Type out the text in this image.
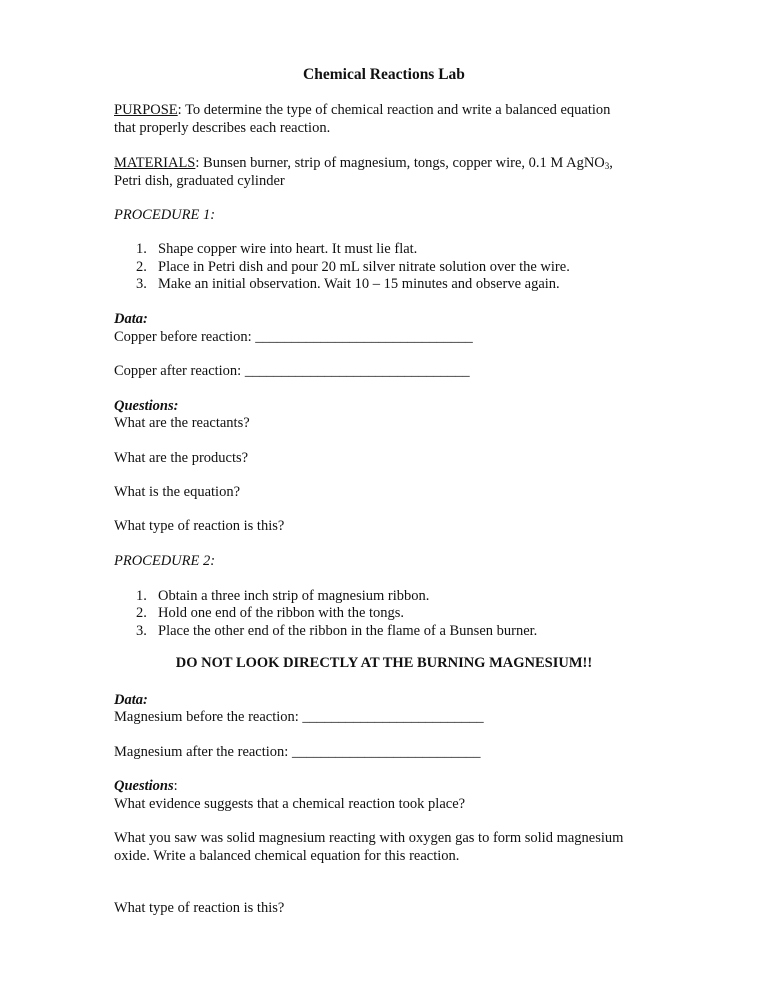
Chemical Reactions Lab
PURPOSE: To determine the type of chemical reaction and write a balanced equation
that properly describes each reaction.
MATERIALS: Bunsen burner, strip of magnesium, tongs, copper wire, 0.1 M AgNO$_3$,
Petri dish, graduated cylinder
PROCEDURE 1:
1. Shape copper wire into heart. It must lie flat.
2. Place in Petri dish and pour 20 mL silver nitrate solution over the wire.
3. Make an initial observation. Wait 10 – 15 minutes and observe again.
Data:
Copper before reaction: ______________________________
Copper after reaction: _______________________________
Questions:
What are the reactants?
What are the products?
What is the equation?
What type of reaction is this?
PROCEDURE 2:
1. Obtain a three inch strip of magnesium ribbon.
2. Hold one end of the ribbon with the tongs.
3. Place the other end of the ribbon in the flame of a Bunsen burner.
DO NOT LOOK DIRECTLY AT THE BURNING MAGNESIUM!!
Data:
Magnesium before the reaction: _________________________
Magnesium after the reaction: __________________________
Questions:
What evidence suggests that a chemical reaction took place?
What you saw was solid magnesium reacting with oxygen gas to form solid magnesium
oxide. Write a balanced chemical equation for this reaction.
What type of reaction is this?
